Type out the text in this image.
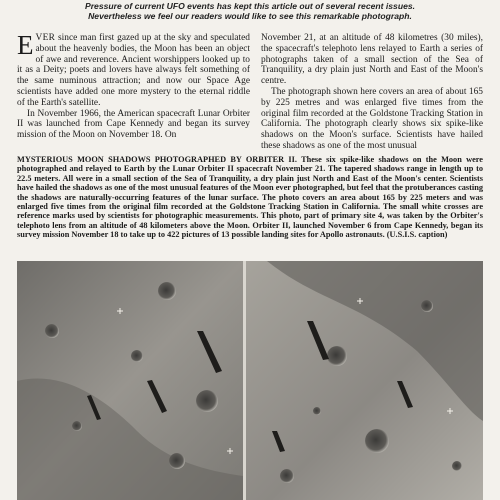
Pressure of current UFO events has kept this article out of several recent issues.
Nevertheless we feel our readers would like to see this remarkable photograph.

EVER since man first gazed up at the sky and speculated about the heavenly bodies, the Moon has been an object of awe and reverence. Ancient worshippers looked up to it as a Deity; poets and lovers have always felt something of the same numinous attraction; and now our Space Age scientists have added one more mystery to the eternal riddle of the Earth's satellite.

In November 1966, the American spacecraft Lunar Orbiter II was launched from Cape Kennedy and began its survey mission of the Moon on November 18. On

November 21, at an altitude of 48 kilometres (30 miles), the spacecraft's telephoto lens relayed to Earth a series of photographs taken of a small section of the Sea of Tranquility, a dry plain just North and East of the Moon's centre.

The photograph shown here covers an area of about 165 by 225 metres and was enlarged five times from the original film recorded at the Goldstone Tracking Station in California. The photograph clearly shows six spike-like shadows on the Moon's surface. Scientists have hailed these shadows as one of the most unusual

MYSTERIOUS MOON SHADOWS PHOTOGRAPHED BY ORBITER II. These six spike-like shadows on the Moon were photographed and relayed to Earth by the Lunar Orbiter II spacecraft November 21. The tapered shadows range in length up to 22.5 meters. All were in a small section of the Sea of Tranquility, a dry plain just North and East of the Moon's center. Scientists have hailed the shadows as one of the most unusual features of the Moon ever photographed, but feel that the protuberances casting the shadows are naturally-occurring features of the lunar surface. The photo covers an area about 165 by 225 meters and was enlarged five times from the original film recorded at the Goldstone Tracking Station in California. The small white crosses are reference marks used by scientists for photographic measurements. This photo, part of primary site 4, was taken by the Orbiter's telephoto lens from an altitude of 48 kilometers above the Moon. Orbiter II, launched November 6 from Cape Kennedy, began its survey mission November 18 to take up to 422 pictures of 13 possible landing sites for Apollo astronauts. (U.S.I.S. caption)
